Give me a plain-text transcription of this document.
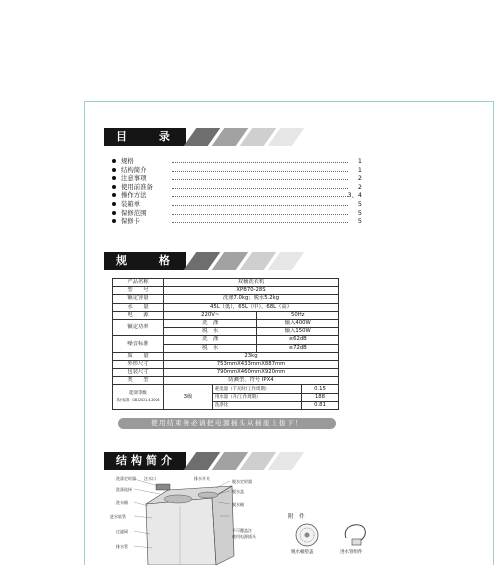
目 录
规格	1
结构简介	1
注意事项	2
使用前准备	2
操作方法	3、4
装箱单	5
保修范围	5
保修卡	5
规 格
产品名称	双桶洗衣机			
型　　号	XPB70-28S			
额定容量	洗涤7.0kg；脱水5.2kg			
水　　量	45L（低），65L（中），68L（高）			
电　　源	220V~		50Hz	
额定功率	洗　涤		输入400W	
	脱　水		输入150W	
噪音标准	洗　涤		≤62dB	
	脱　水		≤72dB	
质　　量	23kg			
外形尺寸	753mmX433mmX887mm			
包装尺寸	790mmX460mmX920mm			
类　　型	防溅型，符号 IPX4			

能效等级
执行标准：GB12021.4-2004	3级	耗电量（千瓦时/工作周期）		0.15
		用水量（升/工作周期）		188
		洗净比		0.81
使用结束务必请把电源插头从插座上拔下！
结构简介
洗涤定时器
洗涤选择
注水口
洗衣桶
进水软管
过滤网
排水管
排水开关
脱水定时器
脱水盖
脱水桶
不可覆盖注
使用电源插头
附　件
脱水桶垫盖	进水管组件
